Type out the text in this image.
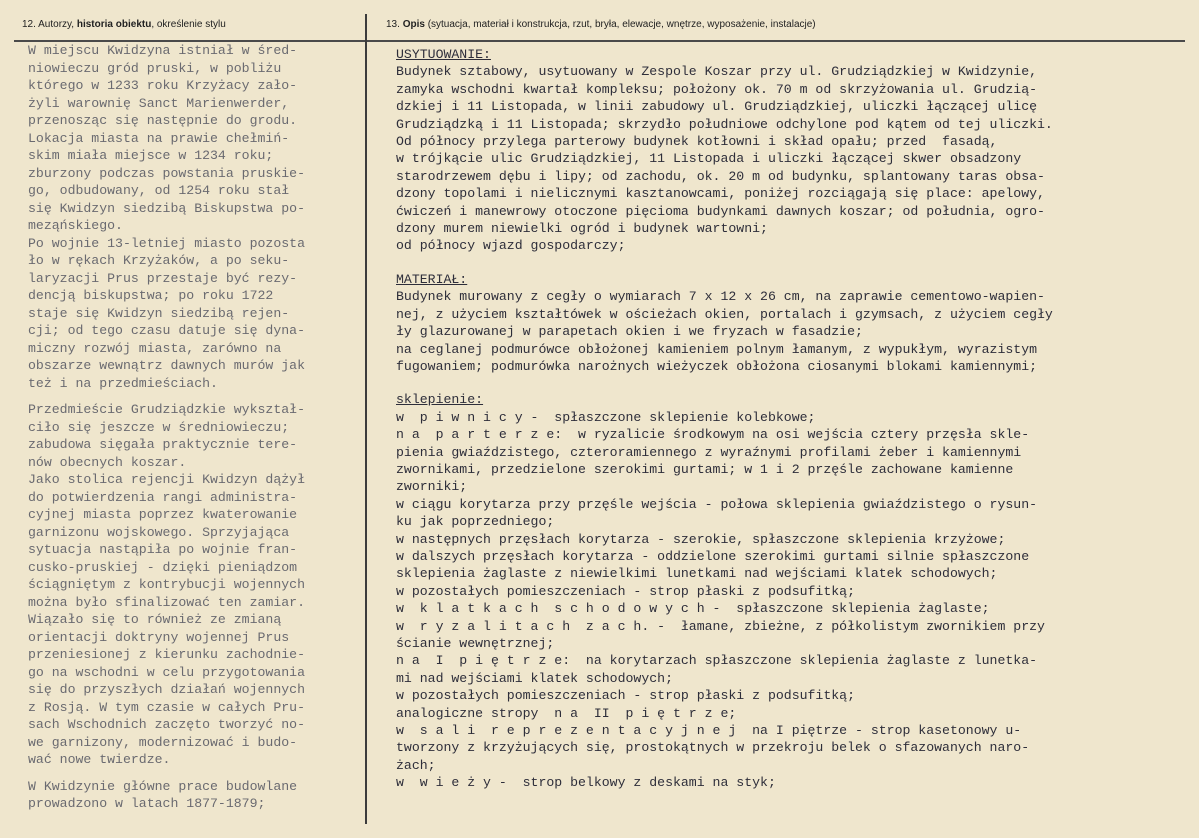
12. Autorzy, historia obiektu, określenie stylu	13. Opis (sytuacja, materiał i konstrukcja, rzut, bryła, elewacje, wnętrze, wyposażenie, instalacje)

W miejscu Kwidzyna istniał w śred-
niowieczu gród pruski, w pobliżu
którego w 1233 roku Krzyżacy zało-
żyli warownię Sanct Marienwerder,
przenosząc się następnie do grodu.
Lokacja miasta na prawie chełmiń-
skim miała miejsce w 1234 roku;
zburzony podczas powstania pruskie-
go, odbudowany, od 1254 roku stał
się Kwidzyn siedzibą Biskupstwa po-
meząńskiego.
Po wojnie 13-letniej miasto pozosta
ło w rękach Krzyżaków, a po seku-
laryzacji Prus przestaje być rezy-
dencją biskupstwa; po roku 1722
staje się Kwidzyn siedzibą rejen-
cji; od tego czasu datuje się dyna-
miczny rozwój miasta, zarówno na
obszarze wewnątrz dawnych murów jak
też i na przedmieściach.

Przedmieście Grudziądzkie wykształ-
ciło się jeszcze w średniowieczu;
zabudowa sięgała praktycznie tere-
nów obecnych koszar.
Jako stolica rejencji Kwidzyn dążył
do potwierdzenia rangi administra-
cyjnej miasta poprzez kwaterowanie
garnizonu wojskowego. Sprzyjająca
sytuacja nastąpiła po wojnie fran-
cusko-pruskiej - dzięki pieniądzom
ściągniętym z kontrybucji wojennych
można było sfinalizować ten zamiar.
Wiązało się to również ze zmianą
orientacji doktryny wojennej Prus
przeniesionej z kierunku zachodnie-
go na wschodni w celu przygotowania
się do przyszłych działań wojennych
z Rosją. W tym czasie w całych Pru-
sach Wschodnich zaczęto tworzyć no-
we garnizony, modernizować i budo-
wać nowe twierdze.

W Kwidzynie główne prace budowlane
prowadzono w latach 1877-1879;

USYTUOWANIE:
Budynek sztabowy, usytuowany w Zespole Koszar przy ul. Grudziądzkiej w Kwidzynie,
zamyka wschodni kwartał kompleksu; położony ok. 70 m od skrzyżowania ul. Grudzią-
dzkiej i 11 Listopada, w linii zabudowy ul. Grudziądzkiej, uliczki łączącej ulicę
Grudziądzką i 11 Listopada; skrzydło południowe odchylone pod kątem od tej uliczki.
Od północy przylega parterowy budynek kotłowni i skład opału; przed  fasadą,
w trójkącie ulic Grudziądzkiej, 11 Listopada i uliczki łączącej skwer obsadzony
starodrzewem dębu i lipy; od zachodu, ok. 20 m od budynku, splantowany taras obsa-
dzony topolami i nielicznymi kasztanowcami, poniżej rozciągają się place: apelowy,
ćwiczeń i manewrowy otoczone pięcioma budynkami dawnych koszar; od południa, ogro-
dzony murem niewielki ogród i budynek wartowni;
od północy wjazd gospodarczy;
MATERIAŁ:
Budynek murowany z cegły o wymiarach 7 x 12 x 26 cm, na zaprawie cementowo-wapien-
nej, z użyciem kształtówek w ościeżach okien, portalach i gzymsach, z użyciem cegły
ły glazurowanej w parapetach okien i we fryzach w fasadzie;
na ceglanej podmurówce obłożonej kamieniem polnym łamanym, z wypukłym, wyrazistym
fugowaniem; podmurówka narożnych wieżyczek obłożona ciosanymi blokami kamiennymi;
sklepienie:
w  p i w n i c y -  spłaszczone sklepienie kolebkowe;
n a  p a r t e r z e:  w ryzalicie środkowym na osi wejścia cztery przęsła skle-
pienia gwiaździstego, czteroramiennego z wyraźnymi profilami żeber i kamiennymi
zwornikami, przedzielone szerokimi gurtami; w 1 i 2 przęśle zachowane kamienne
zworniki;
w ciągu korytarza przy przęśle wejścia - połowa sklepienia gwiaździstego o rysun-
ku jak poprzedniego;
w następnych przęsłach korytarza - szerokie, spłaszczone sklepienia krzyżowe;
w dalszych przęsłach korytarza - oddzielone szerokimi gurtami silnie spłaszczone
sklepienia żaglaste z niewielkimi lunetkami nad wejściami klatek schodowych;
w pozostałych pomieszczeniach - strop płaski z podsufitką;
w  k l a t k a c h  s c h o d o w y c h -  spłaszczone sklepienia żaglaste;
w  r y z a l i t a c h  z a c h. -  łamane, zbieżne, z półkolistym zwornikiem przy
ścianie wewnętrznej;
n a  I  p i ę t r z e:  na korytarzach spłaszczone sklepienia żaglaste z lunetka-
mi nad wejściami klatek schodowych;
w pozostałych pomieszczeniach - strop płaski z podsufitką;
analogiczne stropy  n a  II  p i ę t r z e;
w  s a l i  r e p r e z e n t a c y j n e j  na I piętrze - strop kasetonowy u-
tworzony z krzyżujących się, prostokątnych w przekroju belek o sfazowanych naro-
żach;
w  w i e ż y -  strop belkowy z deskami na styk;
